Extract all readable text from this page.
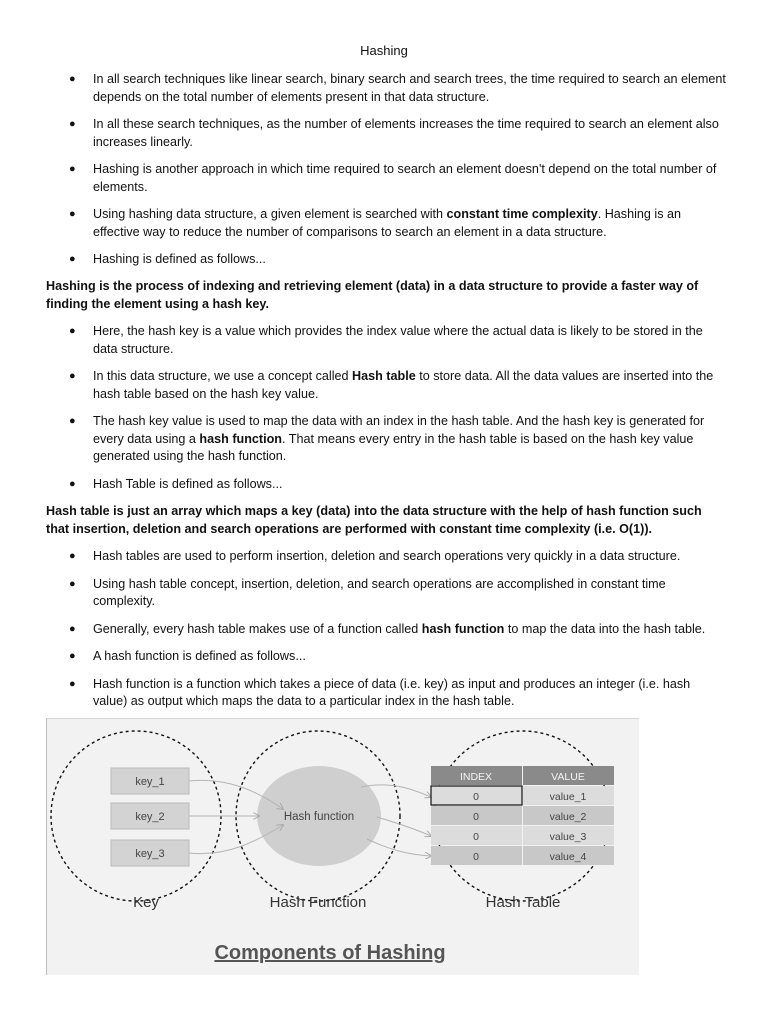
Hashing
● In all search techniques like linear search, binary search and search trees, the time required to search an element depends on the total number of elements present in that data structure.
● In all these search techniques, as the number of elements increases the time required to search an element also increases linearly.
● Hashing is another approach in which time required to search an element doesn't depend on the total number of elements.
● Using hashing data structure, a given element is searched with constant time complexity. Hashing is an effective way to reduce the number of comparisons to search an element in a data structure.
● Hashing is defined as follows...
Hashing is the process of indexing and retrieving element (data) in a data structure to provide a faster way of finding the element using a hash key.
● Here, the hash key is a value which provides the index value where the actual data is likely to be stored in the data structure.
● In this data structure, we use a concept called Hash table to store data. All the data values are inserted into the hash table based on the hash key value.
● The hash key value is used to map the data with an index in the hash table. And the hash key is generated for every data using a hash function. That means every entry in the hash table is based on the hash key value generated using the hash function.
● Hash Table is defined as follows...
Hash table is just an array which maps a key (data) into the data structure with the help of hash function such that insertion, deletion and search operations are performed with constant time complexity (i.e. O(1)).
● Hash tables are used to perform insertion, deletion and search operations very quickly in a data structure.
● Using hash table concept, insertion, deletion, and search operations are accomplished in constant time complexity.
● Generally, every hash table makes use of a function called hash function to map the data into the hash table.
● A hash function is defined as follows...
● Hash function is a function which takes a piece of data (i.e. key) as input and produces an integer (i.e. hash value) as output which maps the data to a particular index in the hash table.
Hash function
key_1
key_2
key_3
INDEX	VALUE
0	value_1
0	value_2
0	value_3
0	value_4
Key	Hash Function	Hash Table
Components of Hashing
